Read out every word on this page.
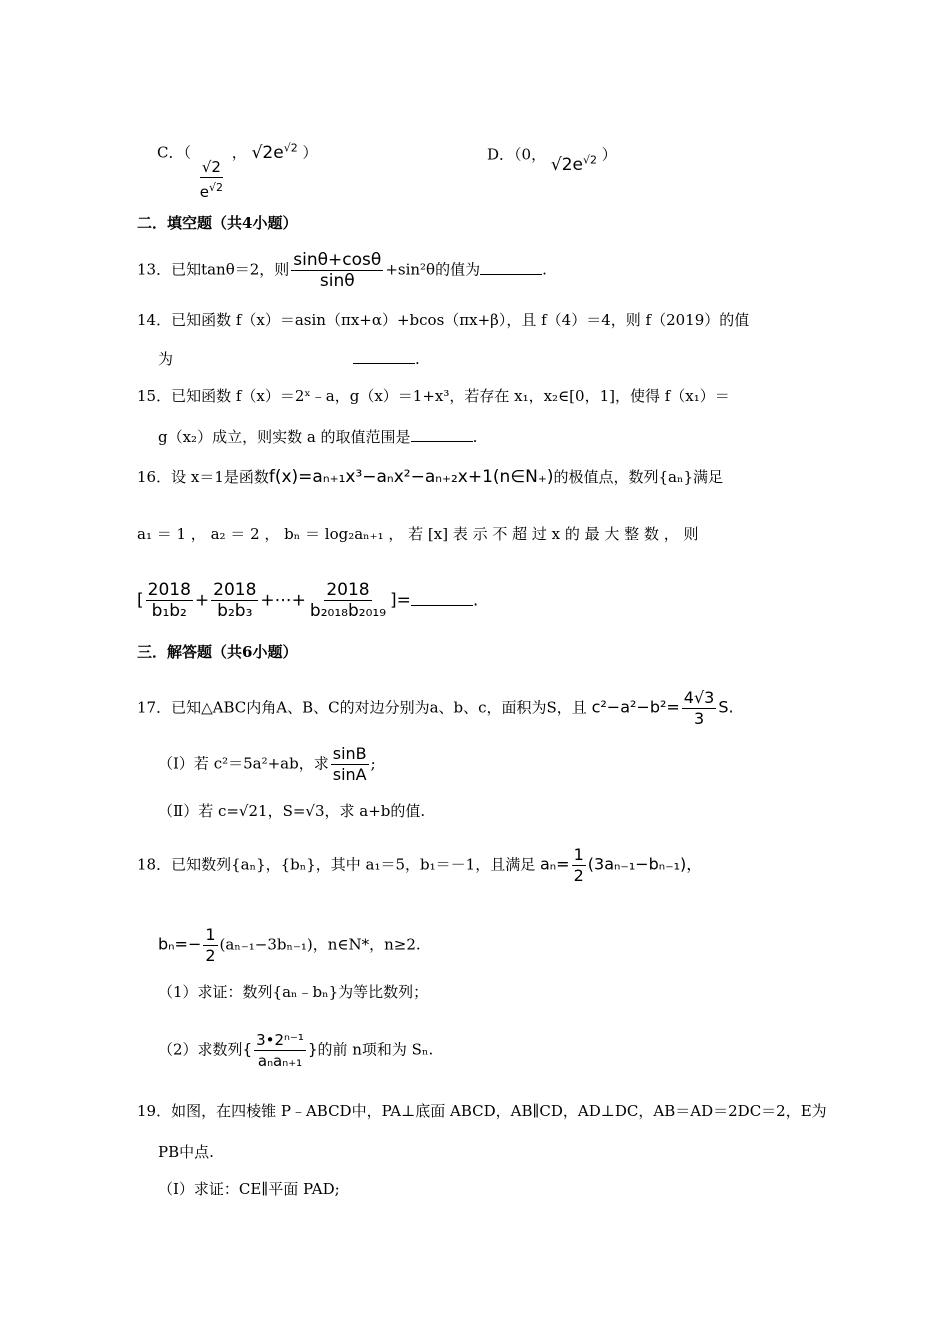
C．（
$\frac{√2}{e^{√2}}$
， $√2e^{√2}$ ）	D．（0， $√2e^{√2}$ ）
二．填空题（共4小题）
13．已知tanθ＝2，则 $\frac{\sin\theta+\cos\theta}{\sin\theta} +\sin^2\theta$的值为	.
14．已知函数 f（x）＝asin（πx+α）+bcos（πx+β），且 f（4）＝4，则 f（2019）的值
为	.
15．已知函数 f（x）＝2ˣ﹣a，g（x）＝1+x³，若存在 x₁，x₂∈[0，1]，使得 f（x₁）＝
g（x₂）成立，则实数 a 的取值范围是	.
16．设 x＝1是函数f(x)=aₙ₊₁x³−aₙx²−aₙ₊₂x+1(n∈N₊)的极值点，数列{aₙ}满足
a₁ ＝ 1 ， a₂ ＝ 2 ， bₙ ＝ log₂aₙ₊₁ ， 若 [x] 表 示 不 超 过 x 的 最 大 整 数 ， 则
[ $\frac{2018}{\text{b₁b₂}} + \frac{2018}{\text{b₂b₃}}$ +⋯+ $\frac{2018}{\text{b₂₀₁₈b₂₀₁₉}}$ ]=	.
三．解答题（共6小题）
17．已知△ABC内角A、B、C的对边分别为a、b、c，面积为S，且 $c^2-a^2-b^2= \frac{4√3}{3} S$.
（Ⅰ）若 c²＝5a²+ab，求 $\frac{\sin B}{\sin A}$ ;
（Ⅱ）若 c=√21，S=√3，求 a+b的值.
18．已知数列{aₙ}，{bₙ}，其中 a₁＝5，b₁＝－1，且满足 $a_n= \frac{1}{2} (3a_{n-1}-b_{n-1})$，
$b_n=- \frac{1}{2} (a_{n-1}-3b_{n-1})$，n∈N*，n≥2.
（1）求证：数列{aₙ﹣bₙ}为等比数列；
（2）求数列{ $\frac{\text{3•2ⁿ⁻¹}}{\text{aₙaₙ₊₁}}$ }的前 n项和为 Sₙ.
19．如图，在四棱锥 P﹣ABCD中，PA⊥底面 ABCD，AB∥CD，AD⊥DC，AB＝AD＝2DC＝2，E为
PB中点.
（Ⅰ）求证：CE∥平面 PAD;
